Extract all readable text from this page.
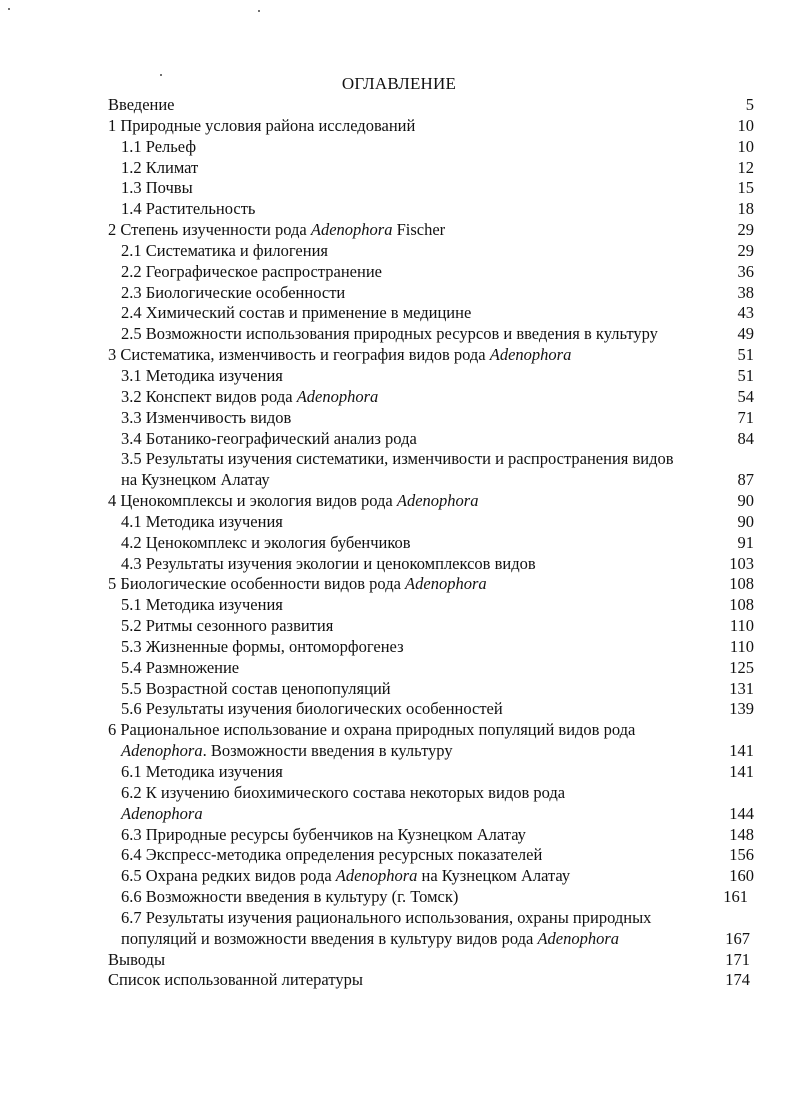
ОГЛАВЛЕНИЕ
Введение	5
1 Природные условия района исследований	10
1.1 Рельеф	10
1.2 Климат	12
1.3 Почвы	15
1.4 Растительность	18
2 Степень изученности рода Adenophora Fischer	29
2.1 Систематика и филогения	29
2.2 Географическое распространение	36
2.3 Биологические особенности	38
2.4 Химический состав и применение в медицине	43
2.5 Возможности использования природных ресурсов и введения в культуру	49
3 Систематика, изменчивость и география видов рода Adenophora	51
3.1 Методика изучения	51
3.2 Конспект видов рода Adenophora	54
3.3 Изменчивость видов	71
3.4 Ботанико-географический анализ рода	84
3.5 Результаты изучения систематики, изменчивости и распространения видов
на Кузнецком Алатау	87
4 Ценокомплексы и экология видов рода Adenophora	90
4.1 Методика изучения	90
4.2 Ценокомплекс и экология бубенчиков	91
4.3 Результаты изучения экологии и ценокомплексов видов	103
5 Биологические особенности видов рода Adenophora	108
5.1 Методика изучения	108
5.2 Ритмы сезонного развития	110
5.3 Жизненные формы, онтоморфогенез	110
5.4 Размножение	125
5.5 Возрастной состав ценопопуляций	131
5.6 Результаты изучения биологических особенностей	139
6 Рациональное использование и охрана природных популяций видов рода
Adenophora. Возможности введения в культуру	141
6.1 Методика изучения	141
6.2 К изучению биохимического состава некоторых видов рода
Adenophora	144
6.3 Природные ресурсы бубенчиков на Кузнецком Алатау	148
6.4 Экспресс-методика определения ресурсных показателей	156
6.5 Охрана редких видов рода Adenophora на Кузнецком Алатау	160
6.6 Возможности введения в культуру (г. Томск)	161
6.7 Результаты изучения рационального использования, охраны природных
популяций и возможности введения в культуру видов рода Adenophora	167
Выводы	171
Список использованной литературы	174
